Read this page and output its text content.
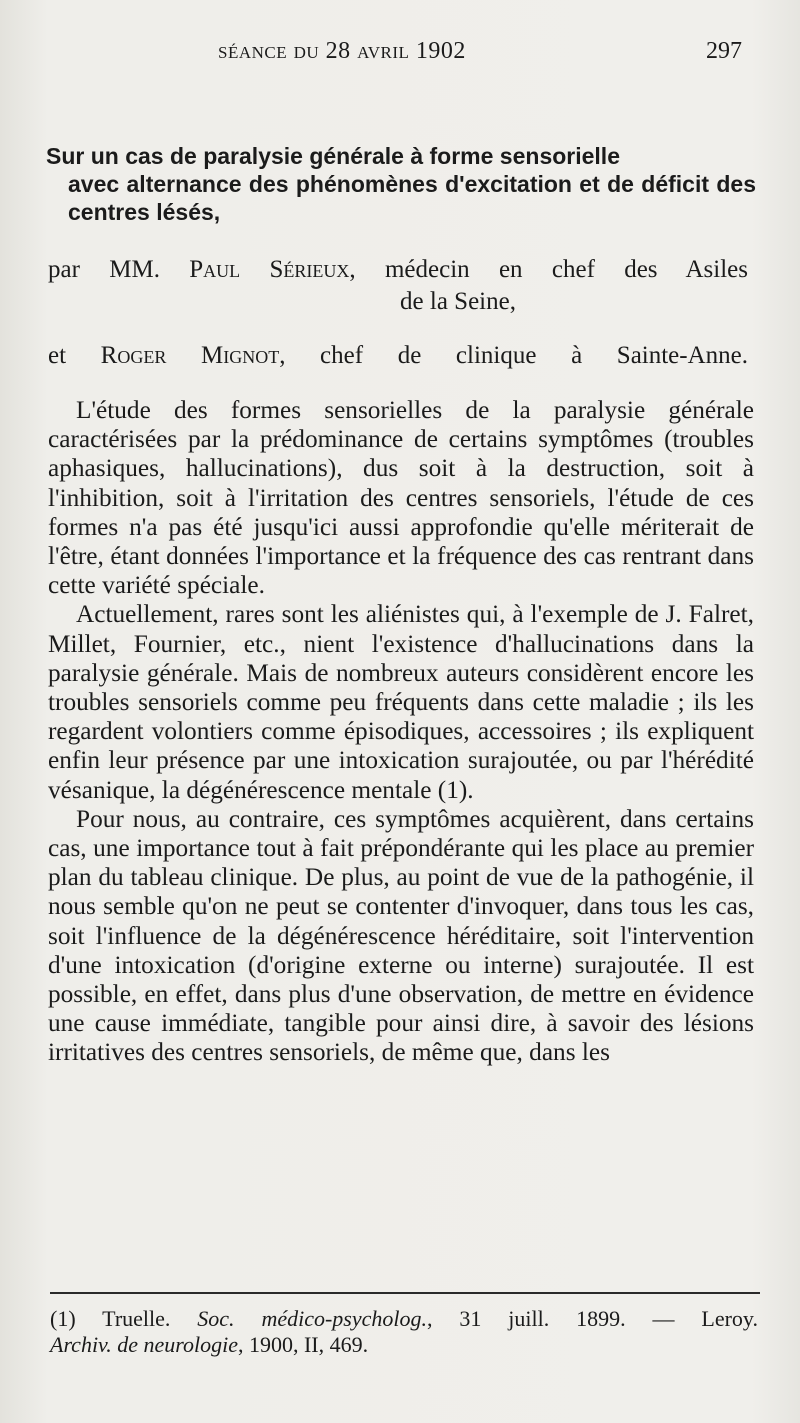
séance du 28 avril 1902	297
Sur un cas de paralysie générale à forme sensorielle
avec alternance des phénomènes d'excitation et de déficit des centres lésés,
par MM. Paul Sérieux, médecin en chef des Asiles
de la Seine,
et Roger Mignot, chef de clinique à Sainte-Anne.

L'étude des formes sensorielles de la paralysie générale caractérisées par la prédominance de certains symptômes (troubles aphasiques, hallucinations), dus soit à la destruction, soit à l'inhibition, soit à l'irritation des centres sensoriels, l'étude de ces formes n'a pas été jusqu'ici aussi approfondie qu'elle mériterait de l'être, étant données l'importance et la fréquence des cas rentrant dans cette variété spéciale.

Actuellement, rares sont les aliénistes qui, à l'exemple de J. Falret, Millet, Fournier, etc., nient l'existence d'hallucinations dans la paralysie générale. Mais de nombreux auteurs considèrent encore les troubles sensoriels comme peu fréquents dans cette maladie ; ils les regardent volontiers comme épisodiques, accessoires ; ils expliquent enfin leur présence par une intoxication surajoutée, ou par l'hérédité vésanique, la dégénérescence mentale (1).

Pour nous, au contraire, ces symptômes acquièrent, dans certains cas, une importance tout à fait prépondérante qui les place au premier plan du tableau clinique. De plus, au point de vue de la pathogénie, il nous semble qu'on ne peut se contenter d'invoquer, dans tous les cas, soit l'influence de la dégénérescence héréditaire, soit l'intervention d'une intoxication (d'origine externe ou interne) surajoutée. Il est possible, en effet, dans plus d'une observation, de mettre en évidence une cause immédiate, tangible pour ainsi dire, à savoir des lésions irritatives des centres sensoriels, de même que, dans les

(1) Truelle. Soc. médico-psycholog., 31 juill. 1899. — Leroy.
Archiv. de neurologie, 1900, II, 469.
